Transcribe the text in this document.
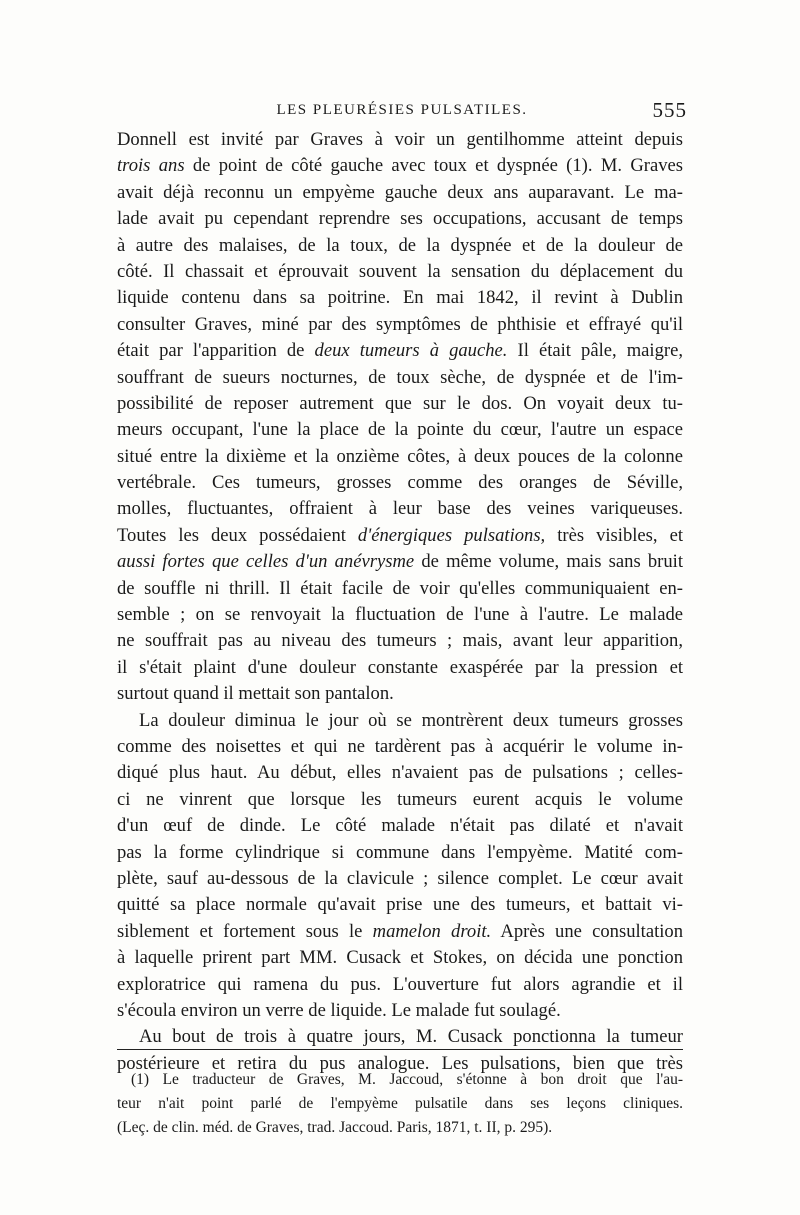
LES PLEURÉSIES PULSATILES.	555
Donnell est invité par Graves à voir un gentilhomme atteint depuis
trois ans de point de côté gauche avec toux et dyspnée (1). M. Graves
avait déjà reconnu un empyème gauche deux ans auparavant. Le ma-
lade avait pu cependant reprendre ses occupations, accusant de temps
à autre des malaises, de la toux, de la dyspnée et de la douleur de
côté. Il chassait et éprouvait souvent la sensation du déplacement du
liquide contenu dans sa poitrine. En mai 1842, il revint à Dublin
consulter Graves, miné par des symptômes de phthisie et effrayé qu'il
était par l'apparition de deux tumeurs à gauche. Il était pâle, maigre,
souffrant de sueurs nocturnes, de toux sèche, de dyspnée et de l'im-
possibilité de reposer autrement que sur le dos. On voyait deux tu-
meurs occupant, l'une la place de la pointe du cœur, l'autre un espace
situé entre la dixième et la onzième côtes, à deux pouces de la colonne
vertébrale. Ces tumeurs, grosses comme des oranges de Séville,
molles, fluctuantes, offraient à leur base des veines variqueuses.
Toutes les deux possédaient d'énergiques pulsations, très visibles, et
aussi fortes que celles d'un anévrysme de même volume, mais sans bruit
de souffle ni thrill. Il était facile de voir qu'elles communiquaient en-
semble ; on se renvoyait la fluctuation de l'une à l'autre. Le malade
ne souffrait pas au niveau des tumeurs ; mais, avant leur apparition,
il s'était plaint d'une douleur constante exaspérée par la pression et
surtout quand il mettait son pantalon.
La douleur diminua le jour où se montrèrent deux tumeurs grosses
comme des noisettes et qui ne tardèrent pas à acquérir le volume in-
diqué plus haut. Au début, elles n'avaient pas de pulsations ; celles-
ci ne vinrent que lorsque les tumeurs eurent acquis le volume
d'un œuf de dinde. Le côté malade n'était pas dilaté et n'avait
pas la forme cylindrique si commune dans l'empyème. Matité com-
plète, sauf au-dessous de la clavicule ; silence complet. Le cœur avait
quitté sa place normale qu'avait prise une des tumeurs, et battait vi-
siblement et fortement sous le mamelon droit. Après une consultation
à laquelle prirent part MM. Cusack et Stokes, on décida une ponction
exploratrice qui ramena du pus. L'ouverture fut alors agrandie et il
s'écoula environ un verre de liquide. Le malade fut soulagé.
Au bout de trois à quatre jours, M. Cusack ponctionna la tumeur
postérieure et retira du pus analogue. Les pulsations, bien que très
(1) Le traducteur de Graves, M. Jaccoud, s'étonne à bon droit que l'au-
teur n'ait point parlé de l'empyème pulsatile dans ses leçons cliniques.
(Leç. de clin. méd. de Graves, trad. Jaccoud. Paris, 1871, t. II, p. 295).
